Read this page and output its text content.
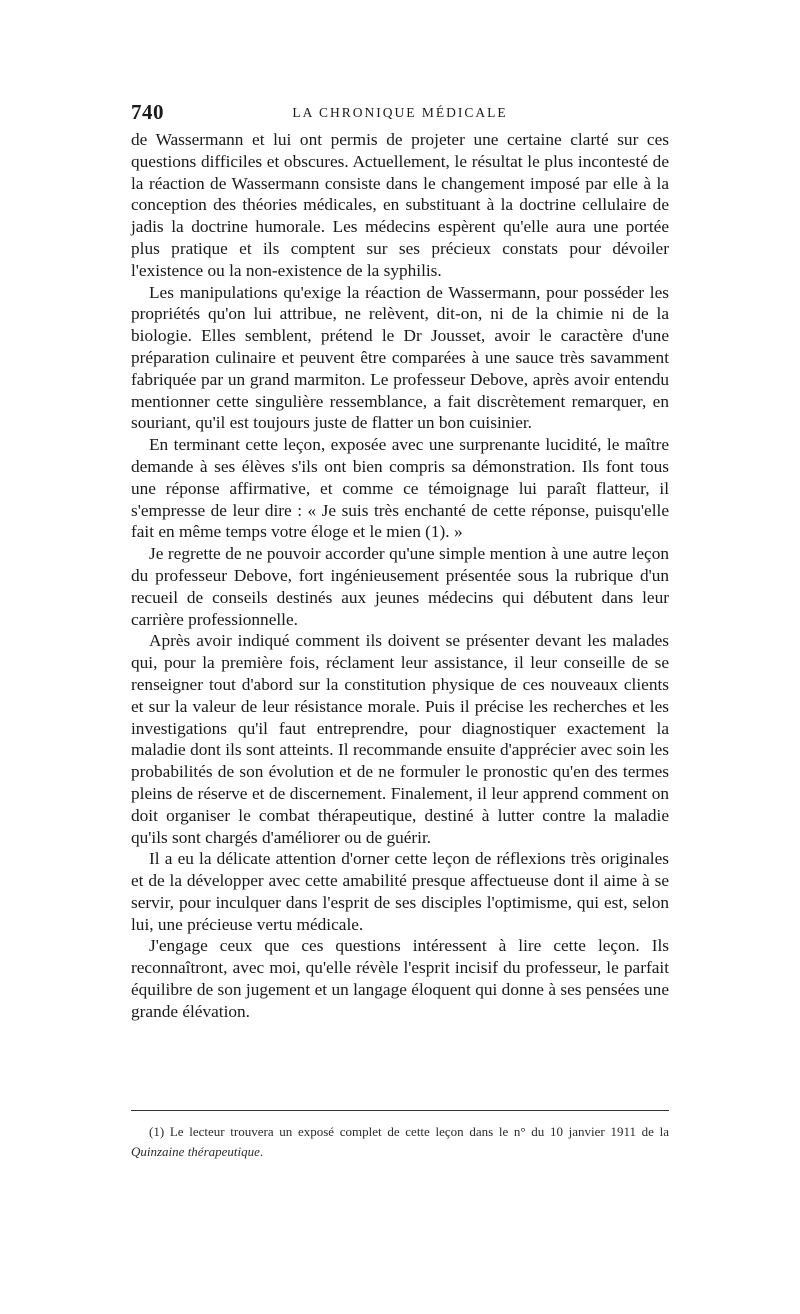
740	LA CHRONIQUE MÉDICALE

de Wassermann et lui ont permis de projeter une certaine clarté sur ces questions difficiles et obscures. Actuellement, le résultat le plus incontesté de la réaction de Wassermann consiste dans le changement imposé par elle à la conception des théories médicales, en substituant à la doctrine cellulaire de jadis la doctrine humorale. Les médecins espèrent qu'elle aura une portée plus pratique et ils comptent sur ses précieux constats pour dévoiler l'existence ou la non-existence de la syphilis.

Les manipulations qu'exige la réaction de Wassermann, pour posséder les propriétés qu'on lui attribue, ne relèvent, dit-on, ni de la chimie ni de la biologie. Elles semblent, prétend le Dr Jousset, avoir le caractère d'une préparation culinaire et peuvent être comparées à une sauce très savamment fabriquée par un grand marmiton. Le professeur Debove, après avoir entendu mentionner cette singulière ressemblance, a fait discrètement remarquer, en souriant, qu'il est toujours juste de flatter un bon cuisinier.

En terminant cette leçon, exposée avec une surprenante lucidité, le maître demande à ses élèves s'ils ont bien compris sa démonstration. Ils font tous une réponse affirmative, et comme ce témoignage lui paraît flatteur, il s'empresse de leur dire : « Je suis très enchanté de cette réponse, puisqu'elle fait en même temps votre éloge et le mien (1). »

Je regrette de ne pouvoir accorder qu'une simple mention à une autre leçon du professeur Debove, fort ingénieusement présentée sous la rubrique d'un recueil de conseils destinés aux jeunes médecins qui débutent dans leur carrière professionnelle.

Après avoir indiqué comment ils doivent se présenter devant les malades qui, pour la première fois, réclament leur assistance, il leur conseille de se renseigner tout d'abord sur la constitution physique de ces nouveaux clients et sur la valeur de leur résistance morale. Puis il précise les recherches et les investigations qu'il faut entreprendre, pour diagnostiquer exactement la maladie dont ils sont atteints. Il recommande ensuite d'apprécier avec soin les probabilités de son évolution et de ne formuler le pronostic qu'en des termes pleins de réserve et de discernement. Finalement, il leur apprend comment on doit organiser le combat thérapeutique, destiné à lutter contre la maladie qu'ils sont chargés d'améliorer ou de guérir.

Il a eu la délicate attention d'orner cette leçon de réflexions très originales et de la développer avec cette amabilité presque affectueuse dont il aime à se servir, pour inculquer dans l'esprit de ses disciples l'optimisme, qui est, selon lui, une précieuse vertu médicale.

J'engage ceux que ces questions intéressent à lire cette leçon. Ils reconnaîtront, avec moi, qu'elle révèle l'esprit incisif du professeur, le parfait équilibre de son jugement et un langage éloquent qui donne à ses pensées une grande élévation.

(1) Le lecteur trouvera un exposé complet de cette leçon dans le n° du 10 janvier 1911 de la Quinzaine thérapeutique.
